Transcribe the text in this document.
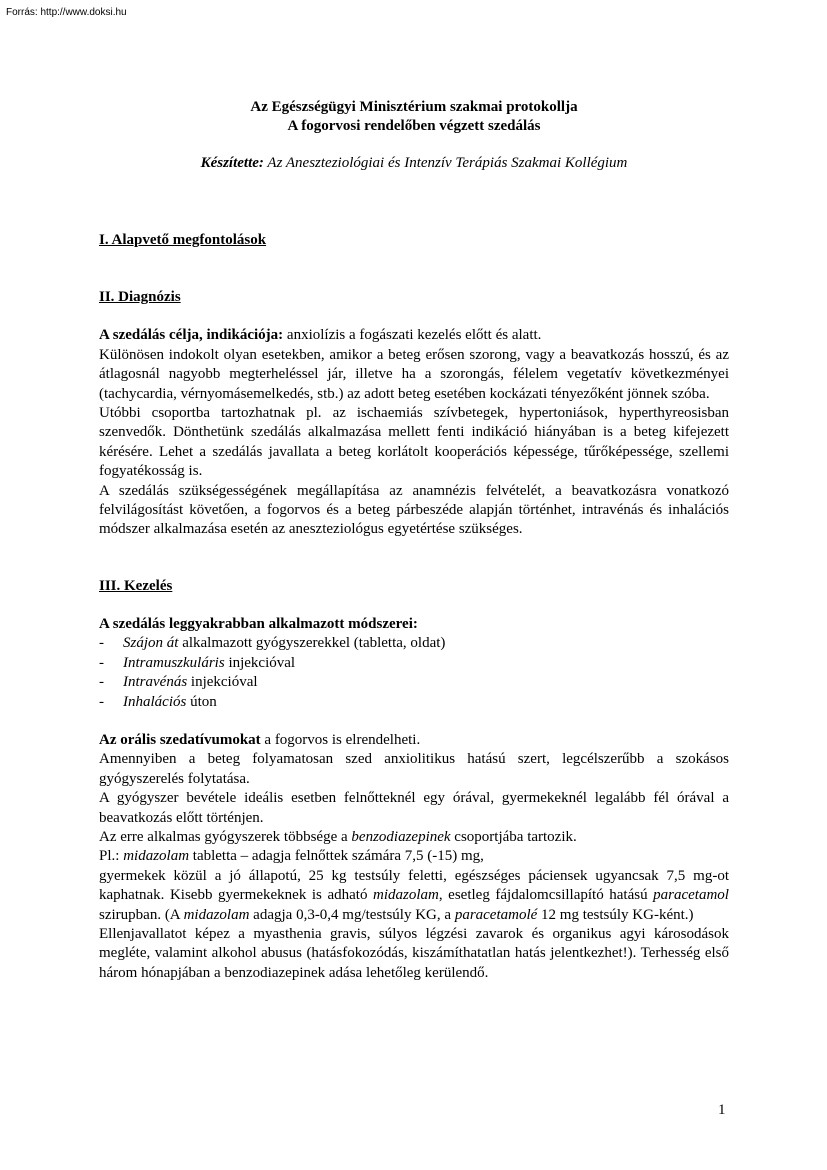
Forrás: http://www.doksi.hu
Az Egészségügyi Minisztérium szakmai protokollja
A fogorvosi rendelőben végzett szedálás
Készítette: Az Aneszteziológiai és Intenzív Terápiás Szakmai Kollégium
I. Alapvető megfontolások
II. Diagnózis

A szedálás célja, indikációja: anxiolízis a fogászati kezelés előtt és alatt.

Különösen indokolt olyan esetekben, amikor a beteg erősen szorong, vagy a beavatkozás hosszú, és az átlagosnál nagyobb megterheléssel jár, illetve ha a szorongás, félelem vegetatív következményei (tachycardia, vérnyomásemelkedés, stb.) az adott beteg esetében kockázati tényezőként jönnek szóba.

Utóbbi csoportba tartozhatnak pl. az ischaemiás szívbetegek, hypertoniások, hyperthyreosisban szenvedők. Dönthetünk szedálás alkalmazása mellett fenti indikáció hiányában is a beteg kifejezett kérésére. Lehet a szedálás javallata a beteg korlátolt kooperációs képessége, tűrőképessége, szellemi fogyatékosság is.

A szedálás szükségességének megállapítása az anamnézis felvételét, a beavatkozásra vonatkozó felvilágosítást követően, a fogorvos és a beteg párbeszéde alapján történhet, intravénás és inhalációs módszer alkalmazása esetén az aneszteziológus egyetértése szükséges.

III. Kezelés

A szedálás leggyakrabban alkalmazott módszerei:

- Szájon át alkalmazott gyógyszerekkel (tabletta, oldat)
- Intramuszkuláris injekcióval
- Intravénás injekcióval
- Inhalációs úton

Az orális szedatívumokat a fogorvos is elrendelheti.

Amennyiben a beteg folyamatosan szed anxiolitikus hatású szert, legcélszerűbb a szokásos gyógyszerelés folytatása.

A gyógyszer bevétele ideális esetben felnőtteknél egy órával, gyermekeknél legalább fél órával a beavatkozás előtt történjen.

Az erre alkalmas gyógyszerek többsége a benzodiazepinek csoportjába tartozik.

Pl.: midazolam tabletta – adagja felnőttek számára 7,5 (-15) mg,

gyermekek közül a jó állapotú, 25 kg testsúly feletti, egészséges páciensek ugyancsak 7,5 mg-ot kaphatnak. Kisebb gyermekeknek is adható midazolam, esetleg fájdalomcsillapító hatású paracetamol szirupban. (A midazolam adagja 0,3-0,4 mg/testsúly KG, a paracetamolé 12 mg testsúly KG-ként.)

Ellenjavallatot képez a myasthenia gravis, súlyos légzési zavarok és organikus agyi károsodások megléte, valamint alkohol abusus (hatásfokozódás, kiszámíthatatlan hatás jelentkezhet!). Terhesség első három hónapjában a benzodiazepinek adása lehetőleg kerülendő.

1
